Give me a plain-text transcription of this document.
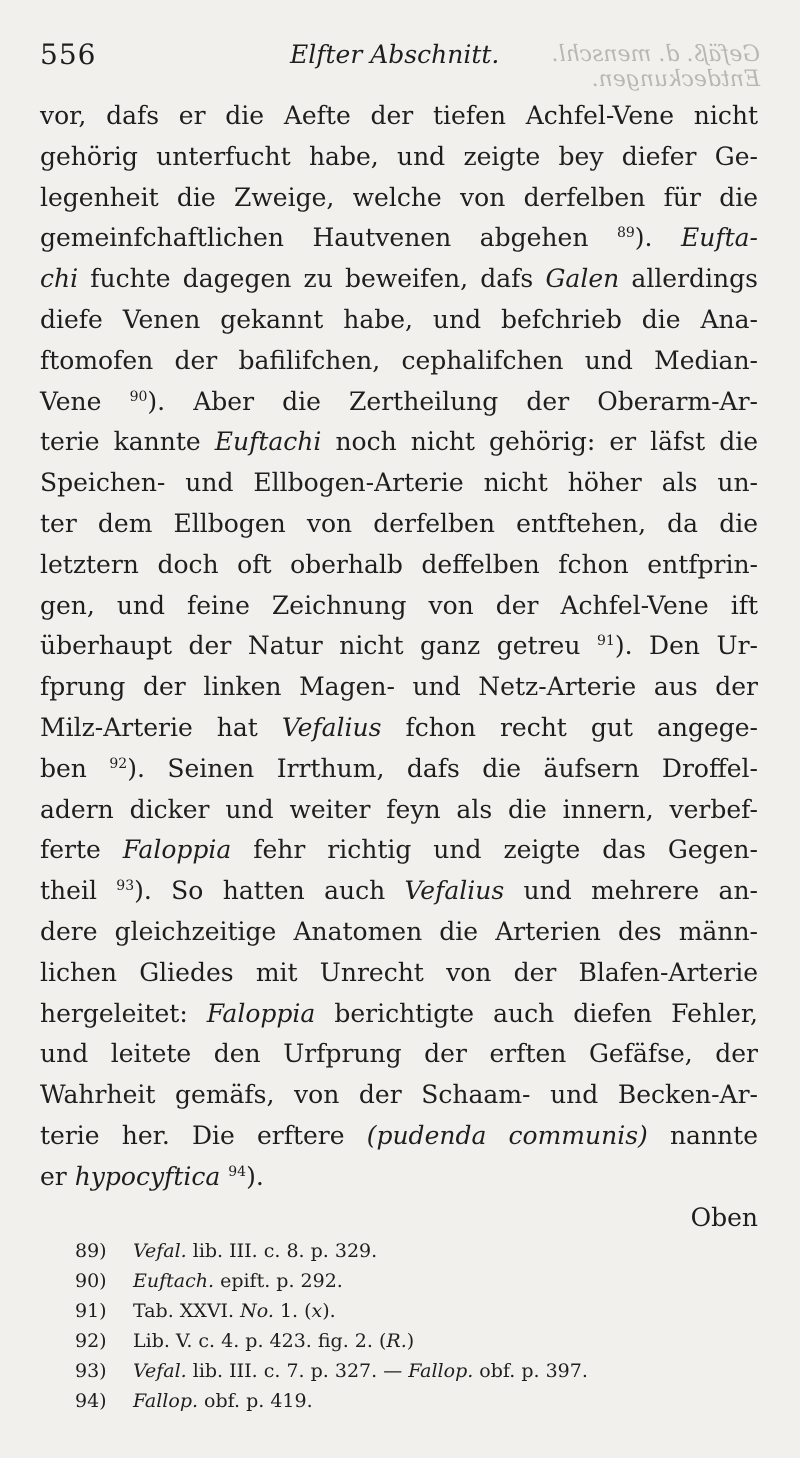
556	Elfter Abschnitt.	Gefäß. d. menschl. Entdeckungen.
vor, dafs er die Aefte der tiefen Achfel-Vene nicht
gehörig unterfucht habe, und zeigte bey diefer Ge-
legenheit die Zweige, welche von derfelben für die
gemeinfchaftlichen Hautvenen abgehen $^{89}$). Eufta-
chi fuchte dagegen zu beweifen, dafs Galen allerdings
diefe Venen gekannt habe, und befchrieb die Ana-
ftomofen der bafilifchen, cephalifchen und Median-
Vene $^{90}$). Aber die Zertheilung der Oberarm-Ar-
terie kannte Euftachi noch nicht gehörig: er läfst die
Speichen- und Ellbogen-Arterie nicht höher als un-
ter dem Ellbogen von derfelben entftehen, da die
letztern doch oft oberhalb deffelben fchon entfprin-
gen, und feine Zeichnung von der Achfel-Vene ift
überhaupt der Natur nicht ganz getreu $^{91}$). Den Ur-
fprung der linken Magen- und Netz-Arterie aus der
Milz-Arterie hat Vefalius fchon recht gut angege-
ben $^{92}$). Seinen Irrthum, dafs die äufsern Droffel-
adern dicker und weiter feyn als die innern, verbef-
ferte Faloppia fehr richtig und zeigte das Gegen-
theil $^{93}$). So hatten auch Vefalius und mehrere an-
dere gleichzeitige Anatomen die Arterien des männ-
lichen Gliedes mit Unrecht von der Blafen-Arterie
hergeleitet: Faloppia berichtigte auch diefen Fehler,
und leitete den Urfprung der erften Gefäfse, der
Wahrheit gemäfs, von der Schaam- und Becken-Ar-
terie her. Die erftere (pudenda communis) nannte
er hypocyftica $^{94}$).
Oben
89) Vefal. lib. III. c. 8. p. 329.
90) Euftach. epift. p. 292.
91) Tab. XXVI. No. 1. (x).
92) Lib. V. c. 4. p. 423. fig. 2. (R.)
93) Vefal. lib. III. c. 7. p. 327. — Fallop. obf. p. 397.
94) Fallop. obf. p. 419.
